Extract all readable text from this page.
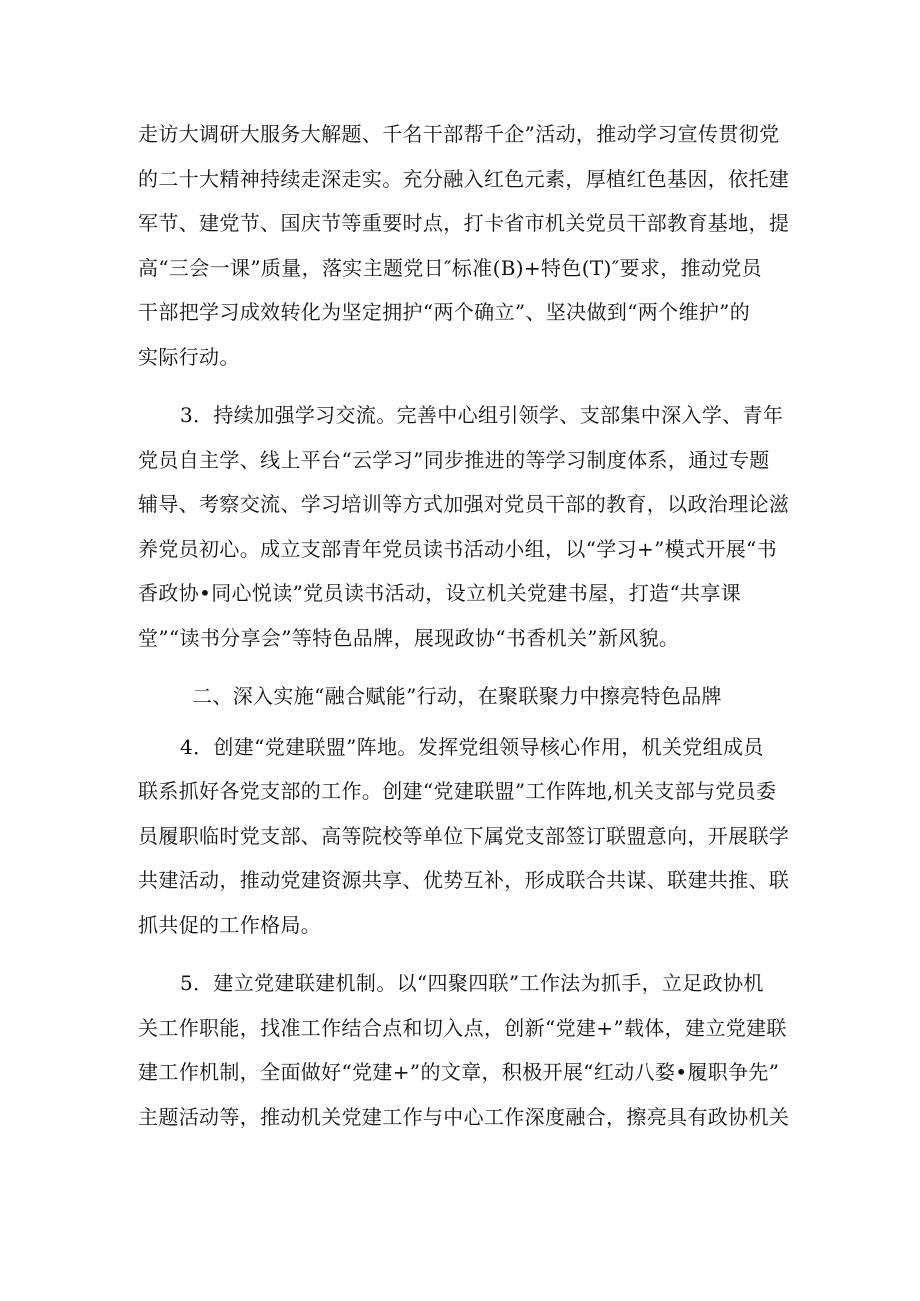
走访大调研大服务大解题、千名干部帮千企”活动，推动学习宣传贯彻党
的二十大精神持续走深走实。充分融入红色元素，厚植红色基因，依托建
军节、建党节、国庆节等重要时点，打卡省市机关党员干部教育基地，提
高“三会一课”质量，落实主题党日″标准(B)+特色(T)″要求，推动党员
干部把学习成效转化为坚定拥护“两个确立”、坚决做到“两个维护”的
实际行动。

3．持续加强学习交流。完善中心组引领学、支部集中深入学、青年
党员自主学、线上平台“云学习”同步推进的等学习制度体系，通过专题
辅导、考察交流、学习培训等方式加强对党员干部的教育，以政治理论滋
养党员初心。成立支部青年党员读书活动小组，以“学习+”模式开展“书
香政协•同心悦读”党员读书活动，设立机关党建书屋，打造“共享课
堂”“读书分享会”等特色品牌，展现政协“书香机关”新风貌。

二、深入实施“融合赋能”行动，在聚联聚力中擦亮特色品牌

4．创建“党建联盟”阵地。发挥党组领导核心作用，机关党组成员
联系抓好各党支部的工作。创建“党建联盟”工作阵地,机关支部与党员委
员履职临时党支部、高等院校等单位下属党支部签订联盟意向，开展联学
共建活动，推动党建资源共享、优势互补，形成联合共谋、联建共推、联
抓共促的工作格局。

5．建立党建联建机制。以“四聚四联”工作法为抓手，立足政协机
关工作职能，找准工作结合点和切入点，创新“党建+”载体，建立党建联
建工作机制，全面做好“党建+”的文章，积极开展“红动八婺•履职争先”
主题活动等，推动机关党建工作与中心工作深度融合，擦亮具有政协机关
